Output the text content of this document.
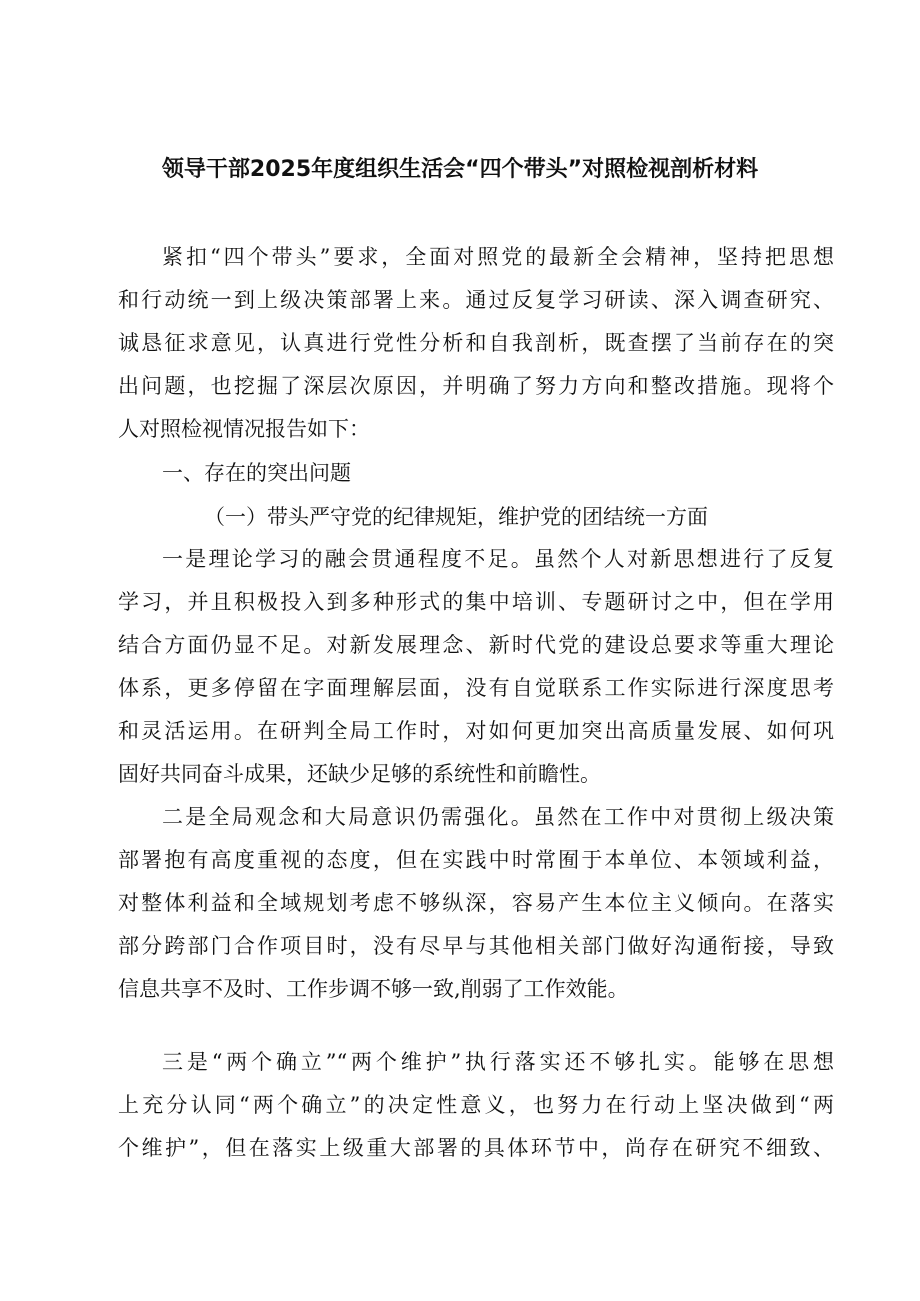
领导干部2025年度组织生活会“四个带头”对照检视剖析材料
紧扣“四个带头”要求，全面对照党的最新全会精神，坚持把思想
和行动统一到上级决策部署上来。通过反复学习研读、深入调查研究、
诚恳征求意见，认真进行党性分析和自我剖析，既查摆了当前存在的突
出问题，也挖掘了深层次原因，并明确了努力方向和整改措施。现将个
人对照检视情况报告如下：
一、存在的突出问题
（一）带头严守党的纪律规矩，维护党的团结统一方面
一是理论学习的融会贯通程度不足。虽然个人对新思想进行了反复
学习，并且积极投入到多种形式的集中培训、专题研讨之中，但在学用
结合方面仍显不足。对新发展理念、新时代党的建设总要求等重大理论
体系，更多停留在字面理解层面，没有自觉联系工作实际进行深度思考
和灵活运用。在研判全局工作时，对如何更加突出高质量发展、如何巩
固好共同奋斗成果，还缺少足够的系统性和前瞻性。
二是全局观念和大局意识仍需强化。虽然在工作中对贯彻上级决策
部署抱有高度重视的态度，但在实践中时常囿于本单位、本领域利益，
对整体利益和全域规划考虑不够纵深，容易产生本位主义倾向。在落实
部分跨部门合作项目时，没有尽早与其他相关部门做好沟通衔接，导致
信息共享不及时、工作步调不够一致,削弱了工作效能。
三是“两个确立”“两个维护”执行落实还不够扎实。能够在思想
上充分认同“两个确立”的决定性意义，也努力在行动上坚决做到“两
个维护”，但在落实上级重大部署的具体环节中，尚存在研究不细致、
